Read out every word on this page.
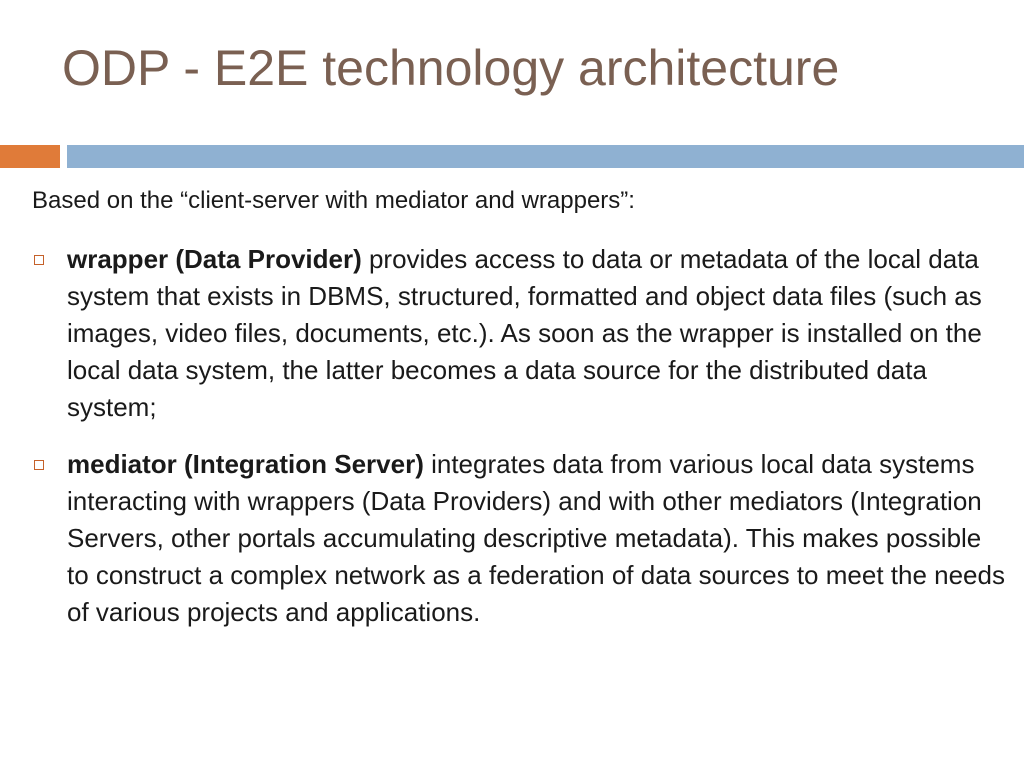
ODP - E2E technology architecture

Based on the “client-server with mediator and wrappers”:

wrapper (Data Provider) provides access to data or metadata of the local data system that exists in DBMS, structured, formatted and object data files (such as images, video files, documents, etc.). As soon as the wrapper is installed on the local data system, the latter becomes a data source for the distributed data system;
mediator (Integration Server) integrates data from various local data systems interacting with wrappers (Data Providers) and with other mediators (Integration Servers, other portals accumulating descriptive metadata). This makes possible to construct a complex network as a federation of data sources to meet the needs of various projects and applications.
